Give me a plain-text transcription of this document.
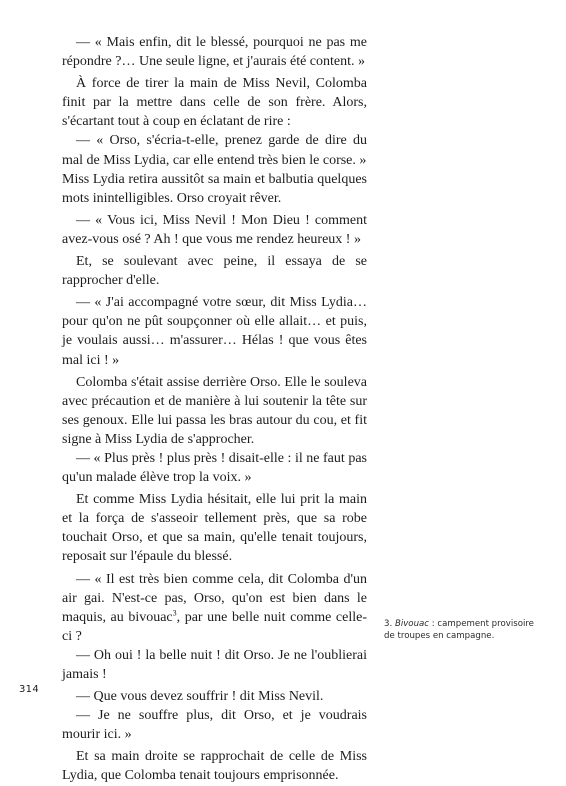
— « Mais enfin, dit le blessé, pourquoi ne pas me répondre ?… Une seule ligne, et j'aurais été content. »

À force de tirer la main de Miss Nevil, Colomba finit par la mettre dans celle de son frère. Alors, s'écartant tout à coup en éclatant de rire :

— « Orso, s'écria-t-elle, prenez garde de dire du mal de Miss Lydia, car elle entend très bien le corse. »

Miss Lydia retira aussitôt sa main et balbutia quelques mots inintelligibles. Orso croyait rêver.

— « Vous ici, Miss Nevil ! Mon Dieu ! comment avez-vous osé ? Ah ! que vous me rendez heureux ! »

Et, se soulevant avec peine, il essaya de se rapprocher d'elle.

— « J'ai accompagné votre sœur, dit Miss Lydia… pour qu'on ne pût soupçonner où elle allait… et puis, je voulais aussi… m'assurer… Hélas ! que vous êtes mal ici ! »

Colomba s'était assise derrière Orso. Elle le souleva avec précaution et de manière à lui soutenir la tête sur ses genoux. Elle lui passa les bras autour du cou, et fit signe à Miss Lydia de s'approcher.

— « Plus près ! plus près ! disait-elle : il ne faut pas qu'un malade élève trop la voix. »

Et comme Miss Lydia hésitait, elle lui prit la main et la força de s'asseoir tellement près, que sa robe touchait Orso, et que sa main, qu'elle tenait toujours, reposait sur l'épaule du blessé.

— « Il est très bien comme cela, dit Colomba d'un air gai. N'est-ce pas, Orso, qu'on est bien dans le maquis, au bivouac$^3$, par une belle nuit comme celle-ci ?

— Oh oui ! la belle nuit ! dit Orso. Je ne l'oublierai jamais !

— Que vous devez souffrir ! dit Miss Nevil.

— Je ne souffre plus, dit Orso, et je voudrais mourir ici. »

Et sa main droite se rapprochait de celle de Miss Lydia, que Colomba tenait toujours emprisonnée.

3. Bivouac : campement provisoire de troupes en campagne.
314
